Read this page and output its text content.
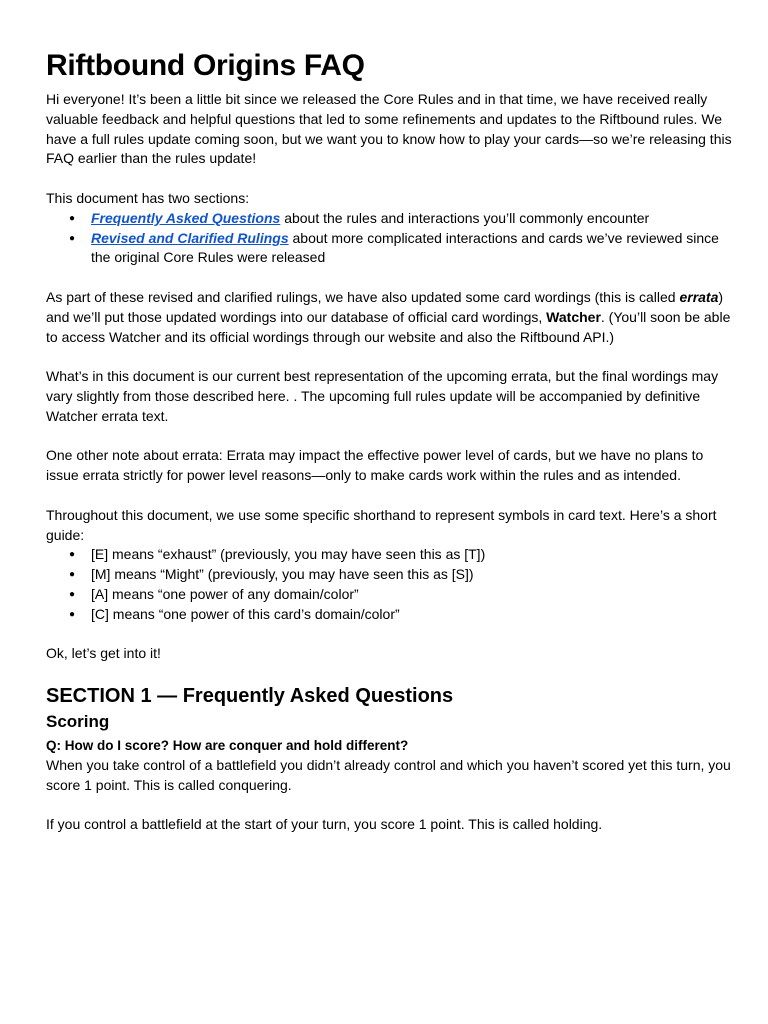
Riftbound Origins FAQ

Hi everyone! It’s been a little bit since we released the Core Rules and in that time, we have received really valuable feedback and helpful questions that led to some refinements and updates to the Riftbound rules. We have a full rules update coming soon, but we want you to know how to play your cards—so we’re releasing this FAQ earlier than the rules update!

This document has two sections:

● Frequently Asked Questions about the rules and interactions you’ll commonly encounter
● Revised and Clarified Rulings about more complicated interactions and cards we’ve reviewed since the original Core Rules were released

As part of these revised and clarified rulings, we have also updated some card wordings (this is called errata) and we’ll put those updated wordings into our database of official card wordings, Watcher. (You’ll soon be able to access Watcher and its official wordings through our website and also the Riftbound API.)

What’s in this document is our current best representation of the upcoming errata, but the final wordings may vary slightly from those described here. . The upcoming full rules update will be accompanied by definitive Watcher errata text.

One other note about errata: Errata may impact the effective power level of cards, but we have no plans to issue errata strictly for power level reasons—only to make cards work within the rules and as intended.

Throughout this document, we use some specific shorthand to represent symbols in card text. Here’s a short guide:

● [E] means “exhaust” (previously, you may have seen this as [T])
● [M] means “Might” (previously, you may have seen this as [S])
● [A] means “one power of any domain/color”
● [C] means “one power of this card’s domain/color”

Ok, let’s get into it!

SECTION 1 — Frequently Asked Questions
Scoring
Q: How do I score? How are conquer and hold different?

When you take control of a battlefield you didn’t already control and which you haven’t scored yet this turn, you score 1 point. This is called conquering.

If you control a battlefield at the start of your turn, you score 1 point. This is called holding.
